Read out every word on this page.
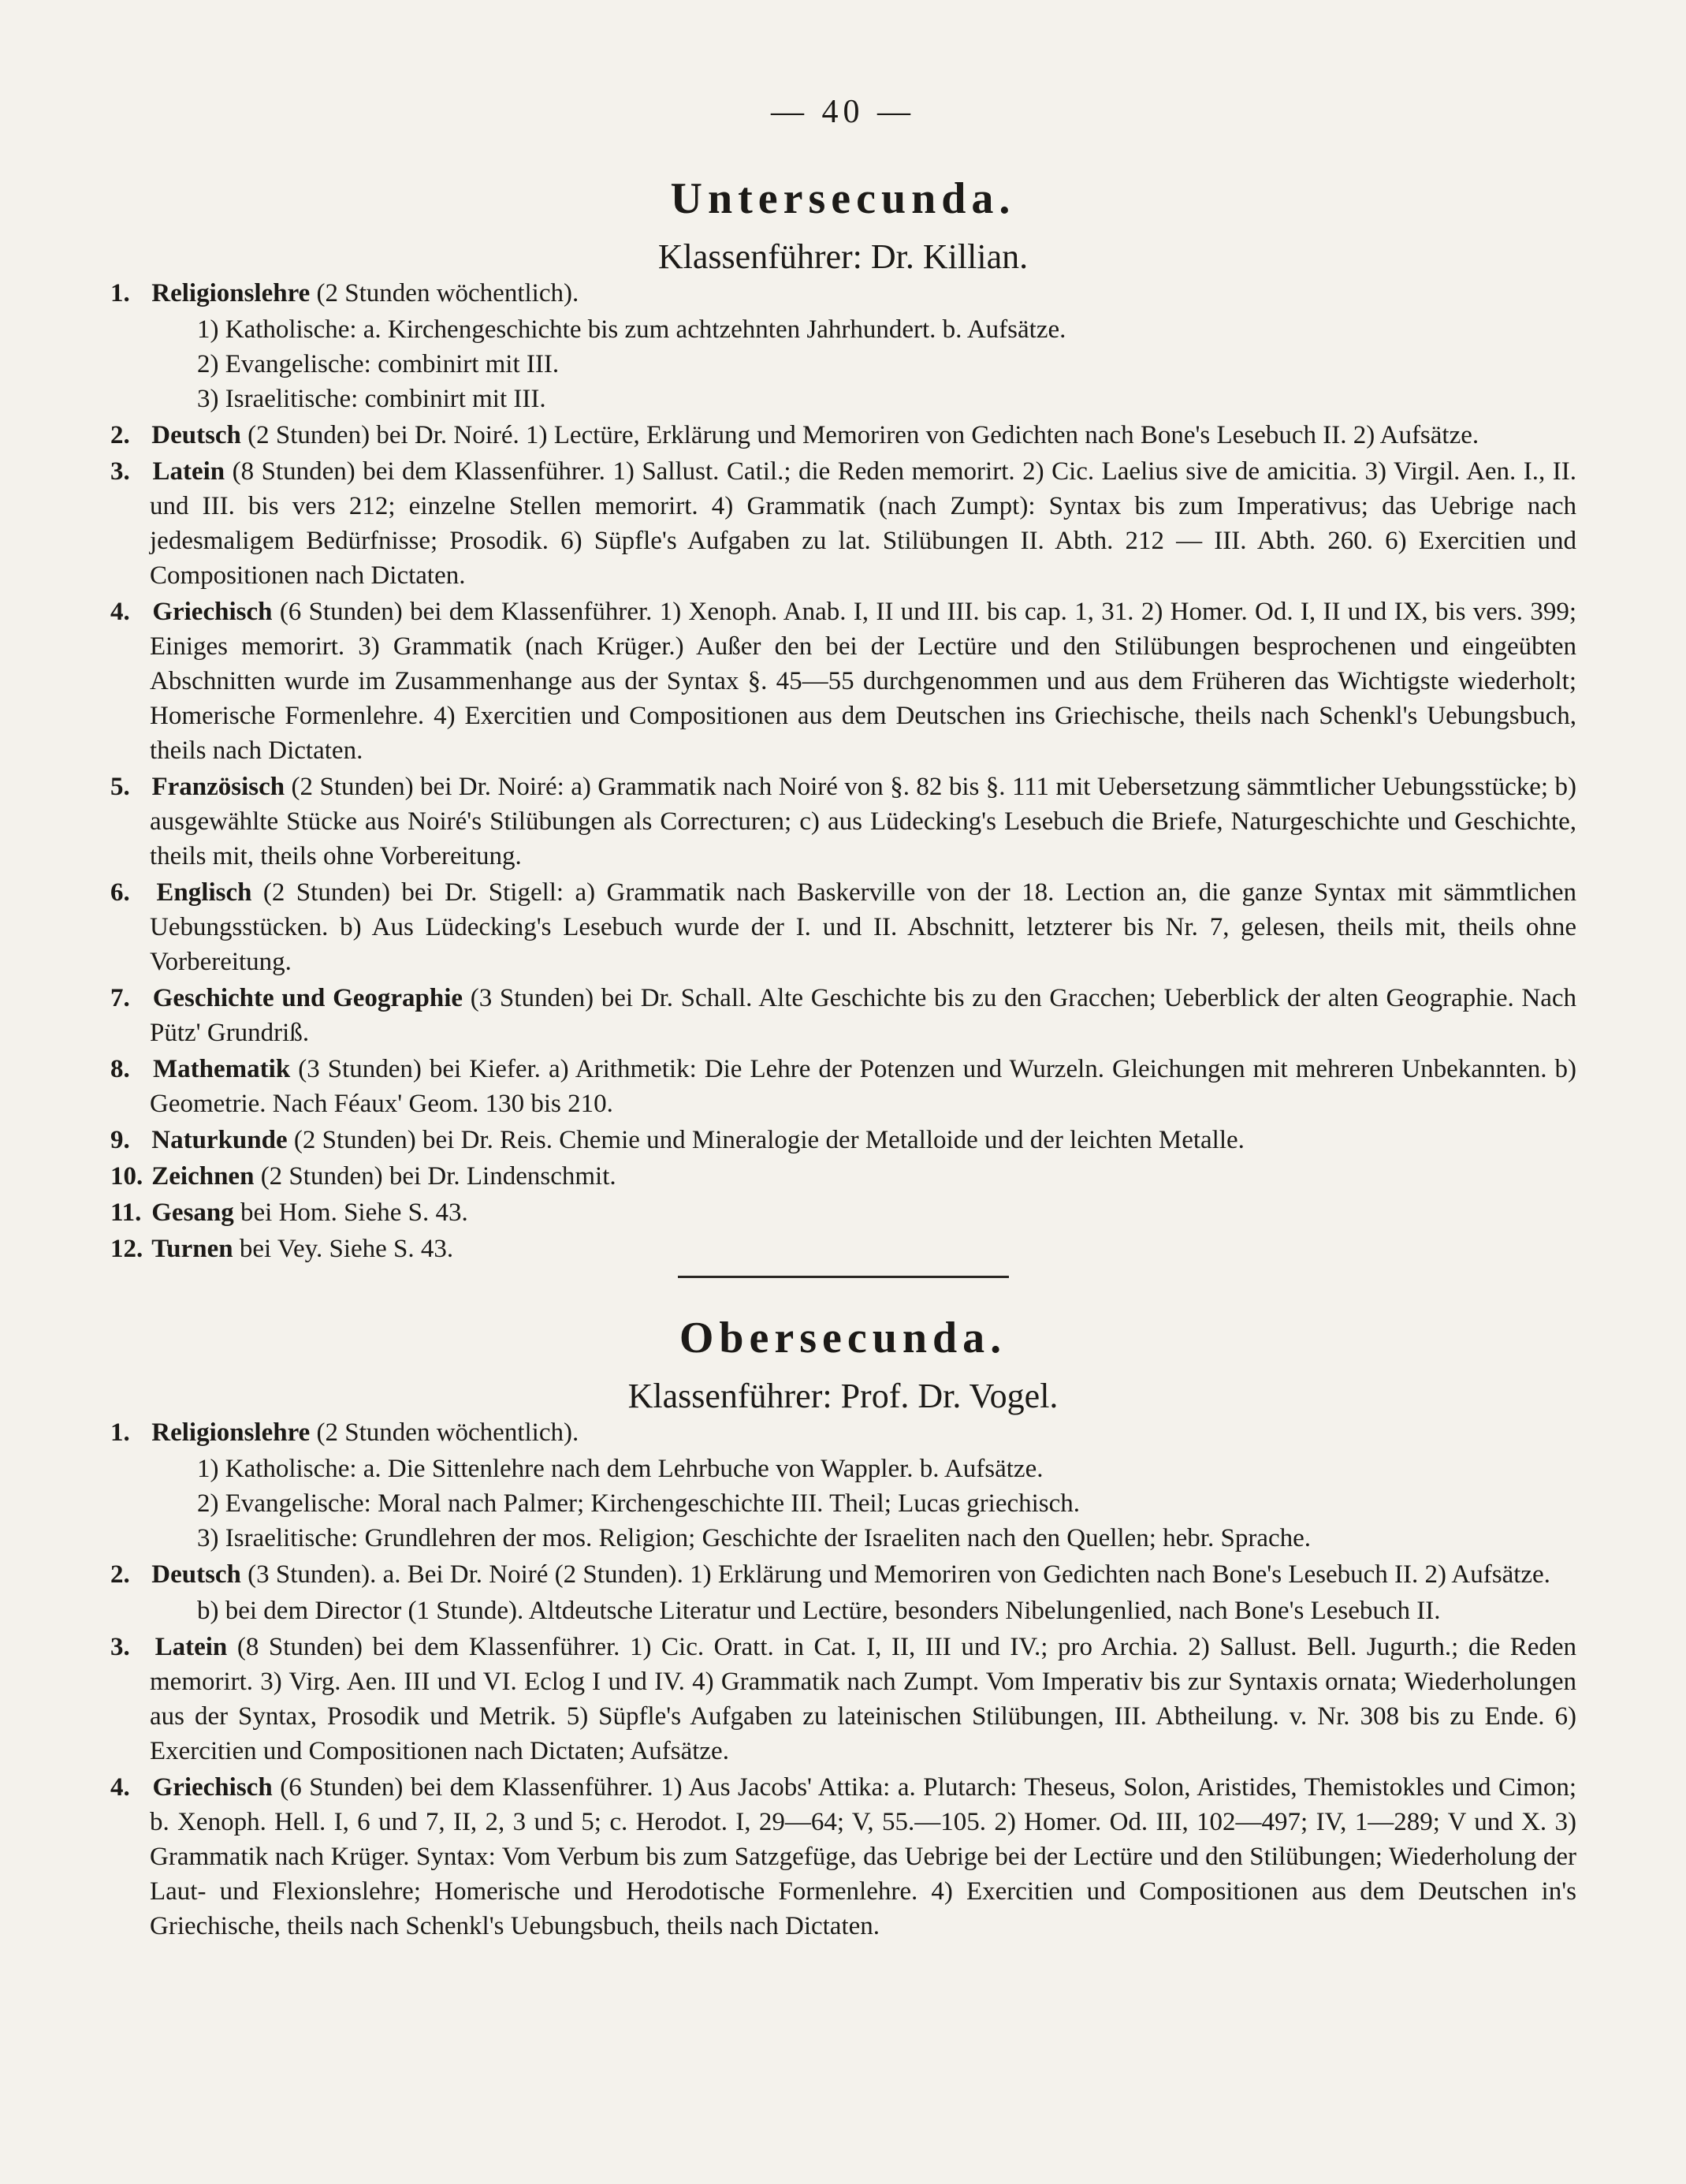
— 40 —
Untersecunda.
Klassenführer: Dr. Killian.
1. Religionslehre (2 Stunden wöchentlich).
1) Katholische: a. Kirchengeschichte bis zum achtzehnten Jahrhundert. b. Aufsätze.
2) Evangelische: combinirt mit III.
3) Israelitische: combinirt mit III.
2. Deutsch (2 Stunden) bei Dr. Noiré. 1) Lectüre, Erklärung und Memoriren von Gedichten nach Bone's Lesebuch II. 2) Aufsätze.
3. Latein (8 Stunden) bei dem Klassenführer. 1) Sallust. Catil.; die Reden memorirt. 2) Cic. Laelius sive de amicitia. 3) Virgil. Aen. I., II. und III. bis vers 212; einzelne Stellen memorirt. 4) Grammatik (nach Zumpt): Syntax bis zum Imperativus; das Uebrige nach jedesmaligem Bedürfnisse; Prosodik. 6) Süpfle's Aufgaben zu lat. Stilübungen II. Abth. 212 — III. Abth. 260. 6) Exercitien und Compositionen nach Dictaten.
4. Griechisch (6 Stunden) bei dem Klassenführer. 1) Xenoph. Anab. I, II und III. bis cap. 1, 31. 2) Homer. Od. I, II und IX, bis vers. 399; Einiges memorirt. 3) Grammatik (nach Krüger.) Außer den bei der Lectüre und den Stilübungen besprochenen und eingeübten Abschnitten wurde im Zusammenhange aus der Syntax §. 45—55 durchgenommen und aus dem Früheren das Wichtigste wiederholt; Homerische Formenlehre. 4) Exercitien und Compositionen aus dem Deutschen ins Griechische, theils nach Schenkl's Uebungsbuch, theils nach Dictaten.
5. Französisch (2 Stunden) bei Dr. Noiré: a) Grammatik nach Noiré von §. 82 bis §. 111 mit Uebersetzung sämmtlicher Uebungsstücke; b) ausgewählte Stücke aus Noiré's Stilübungen als Correcturen; c) aus Lüdecking's Lesebuch die Briefe, Naturgeschichte und Geschichte, theils mit, theils ohne Vorbereitung.
6. Englisch (2 Stunden) bei Dr. Stigell: a) Grammatik nach Baskerville von der 18. Lection an, die ganze Syntax mit sämmtlichen Uebungsstücken. b) Aus Lüdecking's Lesebuch wurde der I. und II. Abschnitt, letzterer bis Nr. 7, gelesen, theils mit, theils ohne Vorbereitung.
7. Geschichte und Geographie (3 Stunden) bei Dr. Schall. Alte Geschichte bis zu den Gracchen; Ueberblick der alten Geographie. Nach Pütz' Grundriß.
8. Mathematik (3 Stunden) bei Kiefer. a) Arithmetik: Die Lehre der Potenzen und Wurzeln. Gleichungen mit mehreren Unbekannten. b) Geometrie. Nach Féaux' Geom. 130 bis 210.
9. Naturkunde (2 Stunden) bei Dr. Reis. Chemie und Mineralogie der Metalloide und der leichten Metalle.
10. Zeichnen (2 Stunden) bei Dr. Lindenschmit.
11. Gesang bei Hom. Siehe S. 43.
12. Turnen bei Vey. Siehe S. 43.
Obersecunda.
Klassenführer: Prof. Dr. Vogel.
1. Religionslehre (2 Stunden wöchentlich).
1) Katholische: a. Die Sittenlehre nach dem Lehrbuche von Wappler. b. Aufsätze.
2) Evangelische: Moral nach Palmer; Kirchengeschichte III. Theil; Lucas griechisch.
3) Israelitische: Grundlehren der mos. Religion; Geschichte der Israeliten nach den Quellen; hebr. Sprache.
2. Deutsch (3 Stunden). a. Bei Dr. Noiré (2 Stunden). 1) Erklärung und Memoriren von Gedichten nach Bone's Lesebuch II. 2) Aufsätze.
b) bei dem Director (1 Stunde). Altdeutsche Literatur und Lectüre, besonders Nibelungenlied, nach Bone's Lesebuch II.
3. Latein (8 Stunden) bei dem Klassenführer. 1) Cic. Oratt. in Cat. I, II, III und IV.; pro Archia. 2) Sallust. Bell. Jugurth.; die Reden memorirt. 3) Virg. Aen. III und VI. Eclog I und IV. 4) Grammatik nach Zumpt. Vom Imperativ bis zur Syntaxis ornata; Wiederholungen aus der Syntax, Prosodik und Metrik. 5) Süpfle's Aufgaben zu lateinischen Stilübungen, III. Abtheilung. v. Nr. 308 bis zu Ende. 6) Exercitien und Compositionen nach Dictaten; Aufsätze.
4. Griechisch (6 Stunden) bei dem Klassenführer. 1) Aus Jacobs' Attika: a. Plutarch: Theseus, Solon, Aristides, Themistokles und Cimon; b. Xenoph. Hell. I, 6 und 7, II, 2, 3 und 5; c. Herodot. I, 29—64; V, 55.—105. 2) Homer. Od. III, 102—497; IV, 1—289; V und X. 3) Grammatik nach Krüger. Syntax: Vom Verbum bis zum Satzgefüge, das Uebrige bei der Lectüre und den Stilübungen; Wiederholung der Laut- und Flexionslehre; Homerische und Herodotische Formenlehre. 4) Exercitien und Compositionen aus dem Deutschen in's Griechische, theils nach Schenkl's Uebungsbuch, theils nach Dictaten.
